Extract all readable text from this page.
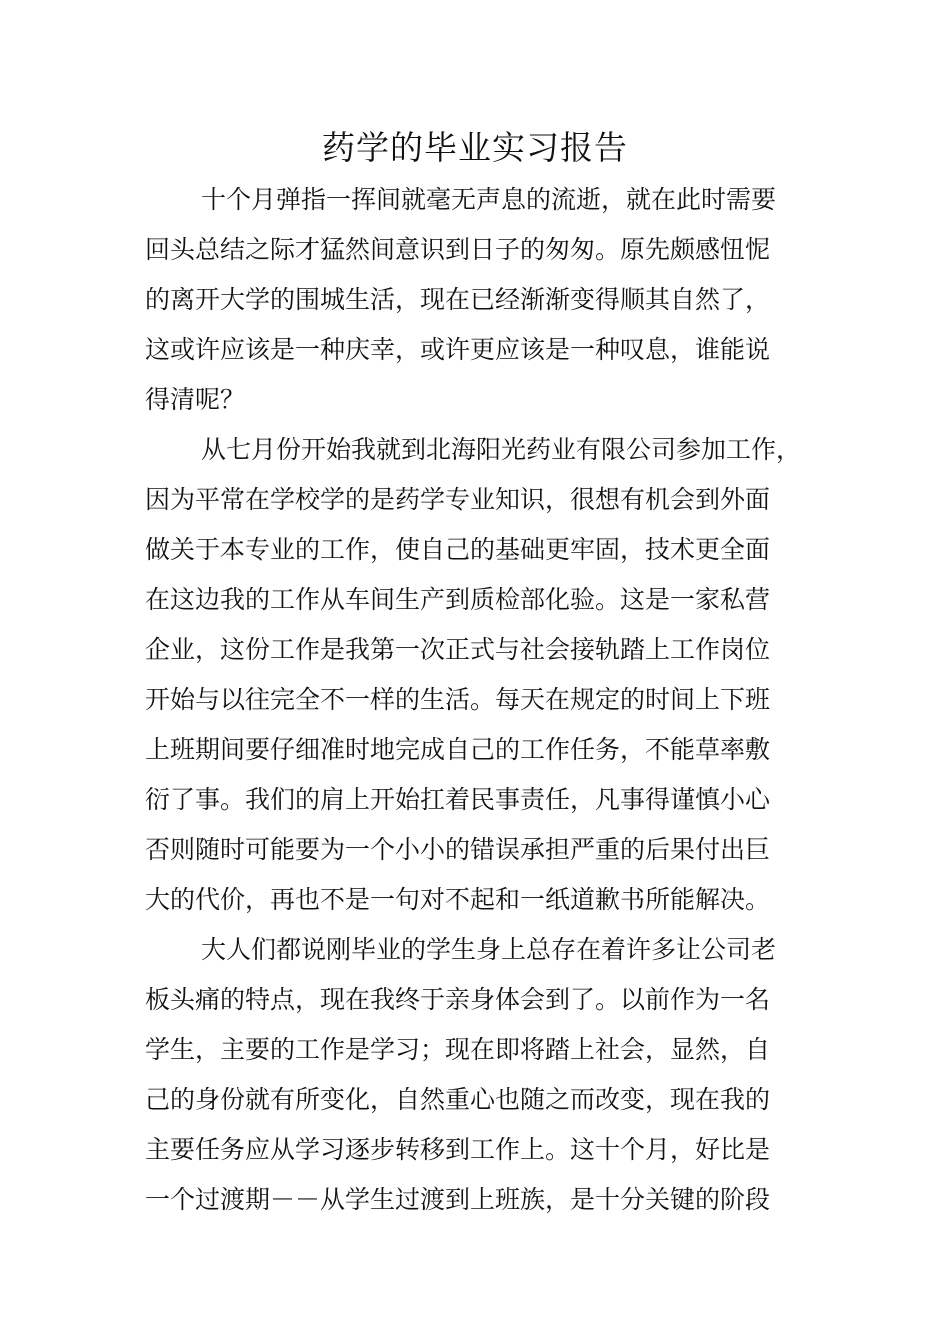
药学的毕业实习报告

十个月弹指一挥间就毫无声息的流逝，就在此时需要
回头总结之际才猛然间意识到日子的匆匆。原先颇感忸怩
的离开大学的围城生活，现在已经渐渐变得顺其自然了，
这或许应该是一种庆幸，或许更应该是一种叹息，谁能说
得清呢？

从七月份开始我就到北海阳光药业有限公司参加工作，
因为平常在学校学的是药学专业知识，很想有机会到外面
做关于本专业的工作，使自己的基础更牢固，技术更全面
在这边我的工作从车间生产到质检部化验。这是一家私营
企业，这份工作是我第一次正式与社会接轨踏上工作岗位
开始与以往完全不一样的生活。每天在规定的时间上下班
上班期间要仔细准时地完成自己的工作任务，不能草率敷
衍了事。我们的肩上开始扛着民事责任，凡事得谨慎小心
否则随时可能要为一个小小的错误承担严重的后果付出巨
大的代价，再也不是一句对不起和一纸道歉书所能解决。

大人们都说刚毕业的学生身上总存在着许多让公司老
板头痛的特点，现在我终于亲身体会到了。以前作为一名
学生，主要的工作是学习；现在即将踏上社会，显然，自
己的身份就有所变化，自然重心也随之而改变，现在我的
主要任务应从学习逐步转移到工作上。这十个月，好比是
一个过渡期－－从学生过渡到上班族，是十分关键的阶段
